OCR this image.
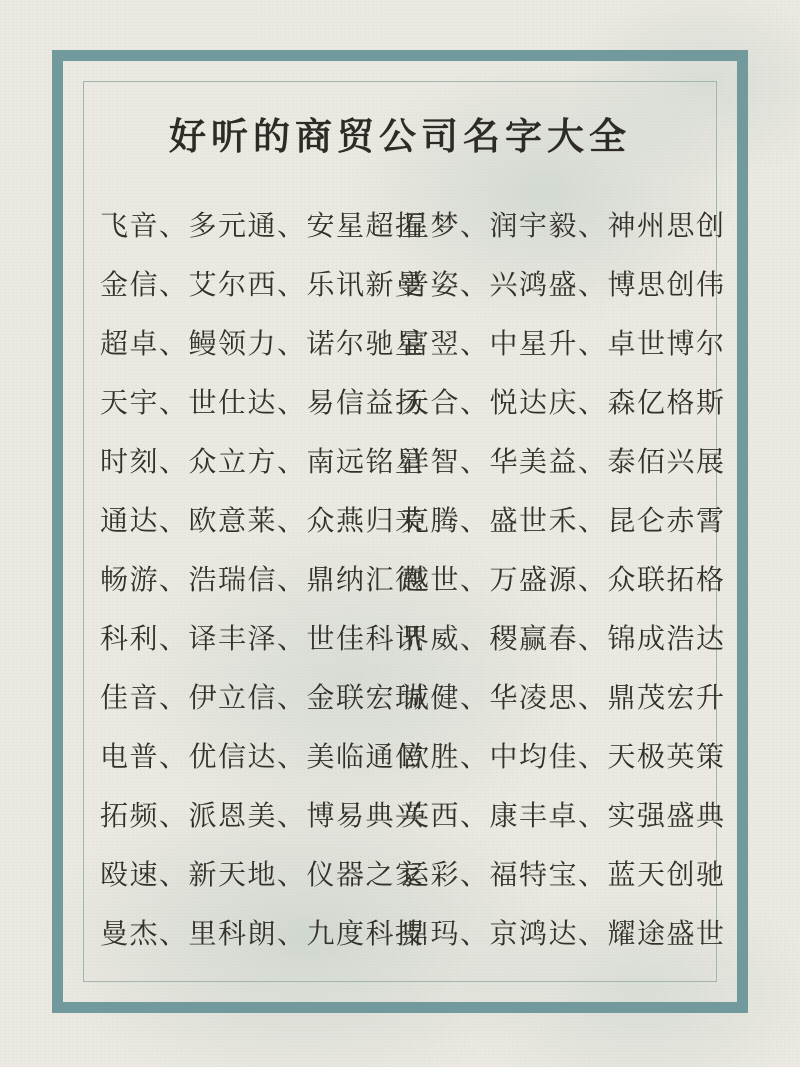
好听的商贸公司名字大全
飞音、多元通、安星超拓
金信、艾尔西、乐讯新曼
超卓、鳗领力、诺尔驰星
天宇、世仕达、易信益扬
时刻、众立方、南远铭星
通达、欧意莱、众燕归来
畅游、浩瑞信、鼎纳汇德
科利、译丰泽、世佳科讯
佳音、伊立信、金联宏瑞
电普、优信达、美临通信
拓频、派恩美、博易典兴
殴速、新天地、仪器之家
曼杰、里科朗、九度科技
星梦、润宇毅、神州思创
普姿、兴鸿盛、博思创伟
富翌、中星升、卓世博尔
天合、悦达庆、森亿格斯
洋智、华美益、泰佰兴展
克腾、盛世禾、昆仑赤霄
越世、万盛源、众联拓格
界威、稷赢春、锦成浩达
诚健、华凌思、鼎茂宏升
欧胜、中均佳、天极英策
英西、康丰卓、实强盛典
运彩、福特宝、蓝天创驰
鼎玛、京鸿达、耀途盛世
